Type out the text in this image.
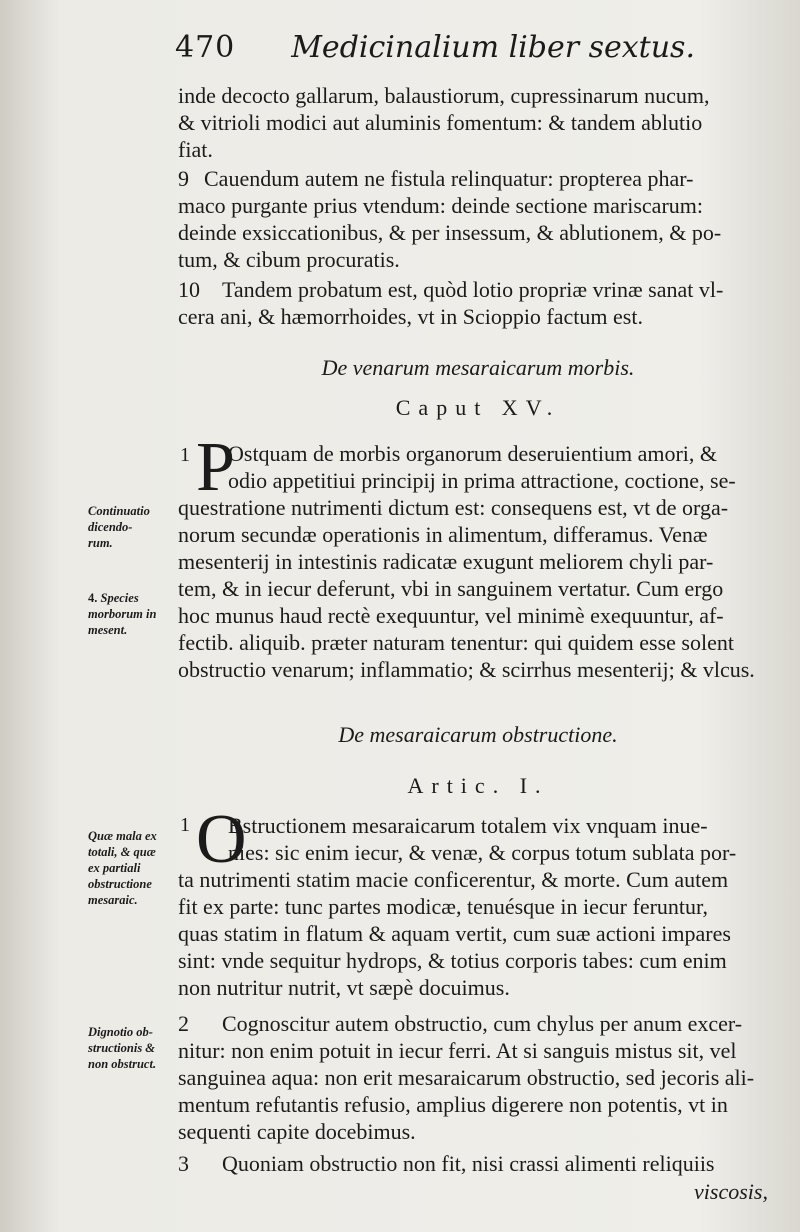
470 Medicinalium liber sextus.
inde decocto gallarum, balaustiorum, cupressinarum nucum,
& vitrioli modici aut aluminis fomentum: & tandem ablutio
fiat.
9 Cauendum autem ne fistula relinquatur: propterea phar-
maco purgante prius vtendum: deinde sectione mariscarum:
deinde exsiccationibus, & per insessum, & ablutionem, & po-
tum, & cibum procuratis.
10 Tandem probatum est, quòd lotio propriæ vrinæ sanat vl-
cera ani, & hæmorrhoides, vt in Scioppio factum est.
De venarum mesaraicarum morbis.
Caput XV.
Ostquam de morbis organorum deseruientium amori, &
odio appetitiui principij in prima attractione, coctione, se-
questratione nutrimenti dictum est: consequens est, vt de orga-
norum secundæ operationis in alimentum, differamus. Venæ
mesenterij in intestinis radicatæ exugunt meliorem chyli par-
tem, & in iecur deferunt, vbi in sanguinem vertatur. Cum ergo
hoc munus haud rectè exequuntur, vel minimè exequuntur, af-
fectib. aliquib. præter naturam tenentur: qui quidem esse solent
obstructio venarum; inflammatio; & scirrhus mesenterij; & vlcus.
1 P
De mesaraicarum obstructione.
Artic. I.
Bstructionem mesaraicarum totalem vix vnquam inue-
nies: sic enim iecur, & venæ, & corpus totum sublata por-
ta nutrimenti statim macie conficerentur, & morte. Cum autem
fit ex parte: tunc partes modicæ, tenuésque in iecur feruntur,
quas statim in flatum & aquam vertit, cum suæ actioni impares
sint: vnde sequitur hydrops, & totius corporis tabes: cum enim
non nutritur nutrit, vt sæpè docuimus.
1 O
2 Cognoscitur autem obstructio, cum chylus per anum excer-
nitur: non enim potuit in iecur ferri. At si sanguis mistus sit, vel
sanguinea aqua: non erit mesaraicarum obstructio, sed jecoris ali-
mentum refutantis refusio, amplius digerere non potentis, vt in
sequenti capite docebimus.
3 Quoniam obstructio non fit, nisi crassi alimenti reliquiis
viscosis,
Continuatio
dicendo-
rum.
4. Species
morborum in
mesent.
Quæ mala ex
totali, & quæ
ex partiali
obstructione
mesaraic.
Dignotio ob-
structionis &
non obstruct.
